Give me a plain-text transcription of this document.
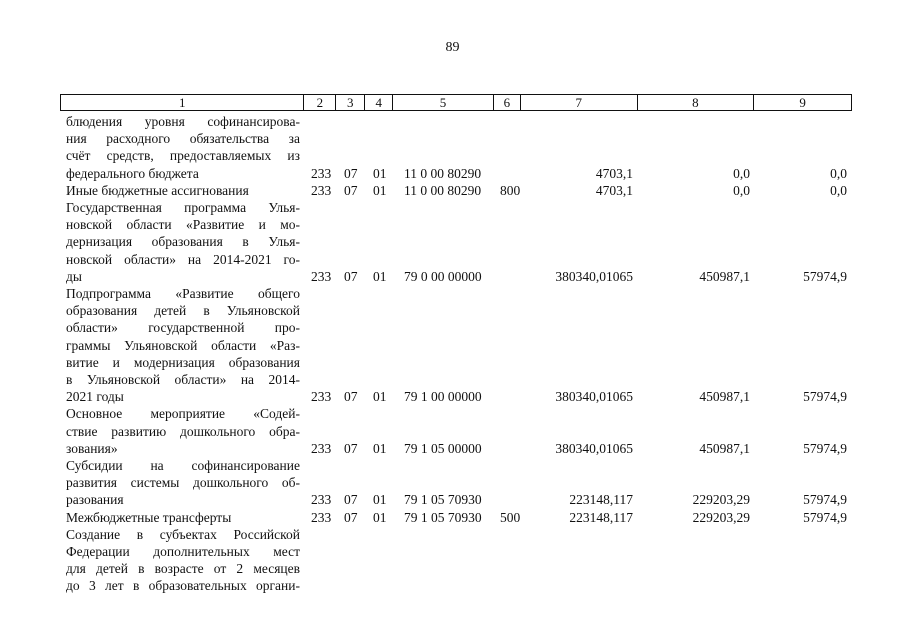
89
1	2	3	4	5	6	7	8	9
блюдения уровня софинансирова-
ния расходного обязательства за
счёт средств, предоставляемых из
федерального бюджета	233 07 01 11 0 00 80290	4703,1	0,0	0,0
Иные бюджетные ассигнования	233 07 01 11 0 00 80290 800	4703,1	0,0	0,0
Государственная программа Улья-
новской области «Развитие и мо-
дернизация образования в Улья-
новской области» на 2014-2021 го-
ды	233 07 01 79 0 00 00000	380340,01065	450987,1	57974,9
Подпрограмма «Развитие общего
образования детей в Ульяновской
области» государственной про-
граммы Ульяновской области «Раз-
витие и модернизация образования
в Ульяновской области» на 2014-
2021 годы	233 07 01 79 1 00 00000	380340,01065	450987,1	57974,9
Основное мероприятие «Содей-
ствие развитию дошкольного обра-
зования»	233 07 01 79 1 05 00000	380340,01065	450987,1	57974,9
Субсидии на софинансирование
развития системы дошкольного об-
разования	233 07 01 79 1 05 70930	223148,117	229203,29	57974,9
Межбюджетные трансферты	233 07 01 79 1 05 70930 500	223148,117	229203,29	57974,9
Создание в субъектах Российской
Федерации дополнительных мест
для детей в возрасте от 2 месяцев
до 3 лет в образовательных органи-
